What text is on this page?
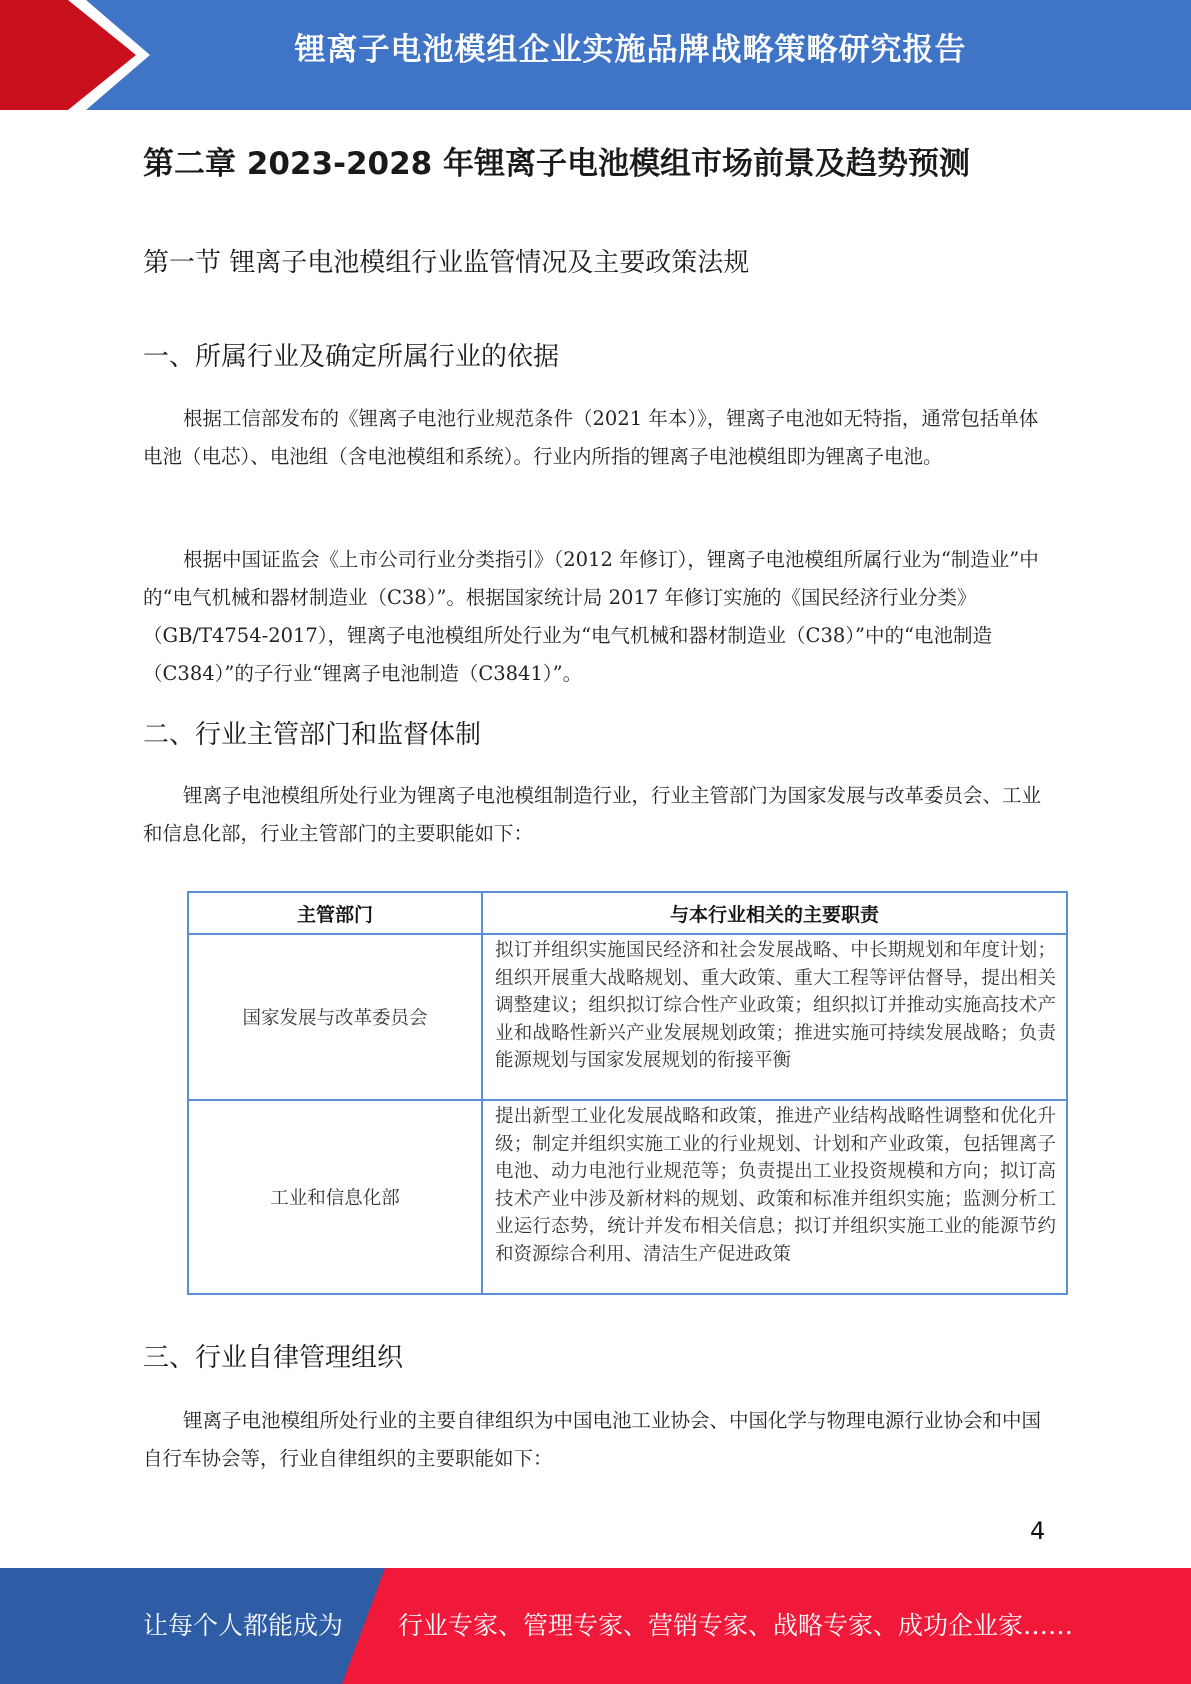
锂离子电池模组企业实施品牌战略策略研究报告
第二章 2023-2028 年锂离子电池模组市场前景及趋势预测
第一节 锂离子电池模组行业监管情况及主要政策法规
一、所属行业及确定所属行业的依据

根据工信部发布的《锂离子电池行业规范条件（2021 年本）》，锂离子电池如无特指，通常包括单体电池（电芯）、电池组（含电池模组和系统）。行业内所指的锂离子电池模组即为锂离子电池。

根据中国证监会《上市公司行业分类指引》（2012 年修订），锂离子电池模组所属行业为“制造业”中的“电气机械和器材制造业（C38）”。根据国家统计局 2017 年修订实施的《国民经济行业分类》（GB/T4754-2017），锂离子电池模组所处行业为“电气机械和器材制造业（C38）”中的“电池制造（C384）”的子行业“锂离子电池制造（C3841）”。

二、行业主管部门和监督体制

锂离子电池模组所处行业为锂离子电池模组制造行业，行业主管部门为国家发展与改革委员会、工业和信息化部，行业主管部门的主要职能如下：

主管部门	与本行业相关的主要职责
国家发展与改革委员会	拟订并组织实施国民经济和社会发展战略、中长期规划和年度计划；组织开展重大战略规划、重大政策、重大工程等评估督导，提出相关调整建议；组织拟订综合性产业政策；组织拟订并推动实施高技术产业和战略性新兴产业发展规划政策；推进实施可持续发展战略；负责能源规划与国家发展规划的衔接平衡
工业和信息化部	提出新型工业化发展战略和政策，推进产业结构战略性调整和优化升级；制定并组织实施工业的行业规划、计划和产业政策，包括锂离子电池、动力电池行业规范等；负责提出工业投资规模和方向；拟订高技术产业中涉及新材料的规划、政策和标准并组织实施；监测分析工业运行态势，统计并发布相关信息；拟订并组织实施工业的能源节约和资源综合利用、清洁生产促进政策
三、行业自律管理组织

锂离子电池模组所处行业的主要自律组织为中国电池工业协会、中国化学与物理电源行业协会和中国自行车协会等，行业自律组织的主要职能如下：

4
让每个人都能成为 行业专家、管理专家、营销专家、战略专家、成功企业家……
